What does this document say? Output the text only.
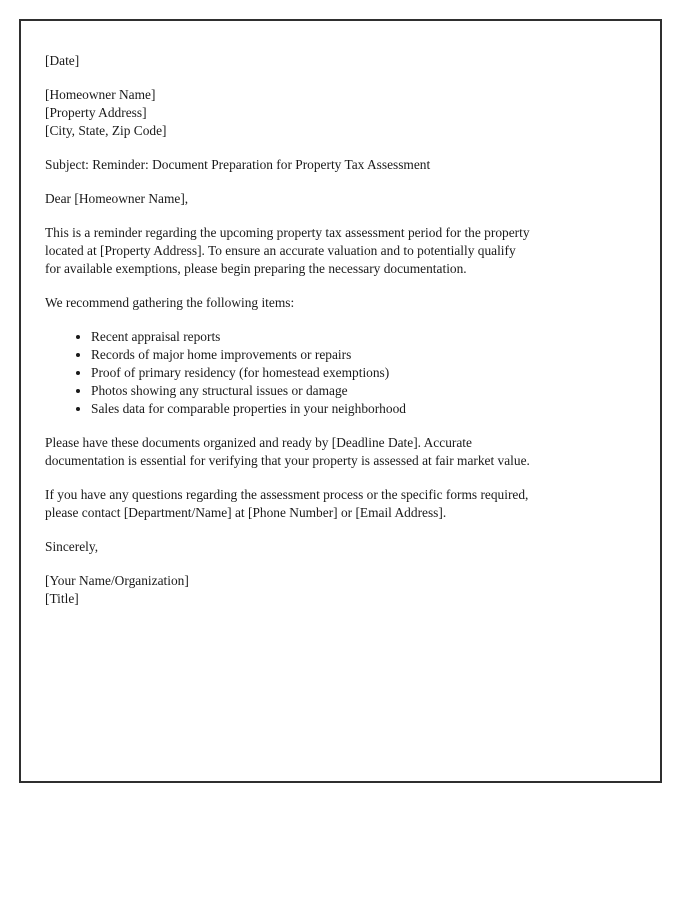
[Date]

[Homeowner Name]
[Property Address]
[City, State, Zip Code]

Subject: Reminder: Document Preparation for Property Tax Assessment

Dear [Homeowner Name],

This is a reminder regarding the upcoming property tax assessment period for the property
located at [Property Address]. To ensure an accurate valuation and to potentially qualify
for available exemptions, please begin preparing the necessary documentation.

We recommend gathering the following items:

• Recent appraisal reports
• Records of major home improvements or repairs
• Proof of primary residency (for homestead exemptions)
• Photos showing any structural issues or damage
• Sales data for comparable properties in your neighborhood

Please have these documents organized and ready by [Deadline Date]. Accurate
documentation is essential for verifying that your property is assessed at fair market value.

If you have any questions regarding the assessment process or the specific forms required,
please contact [Department/Name] at [Phone Number] or [Email Address].

Sincerely,

[Your Name/Organization]
[Title]
